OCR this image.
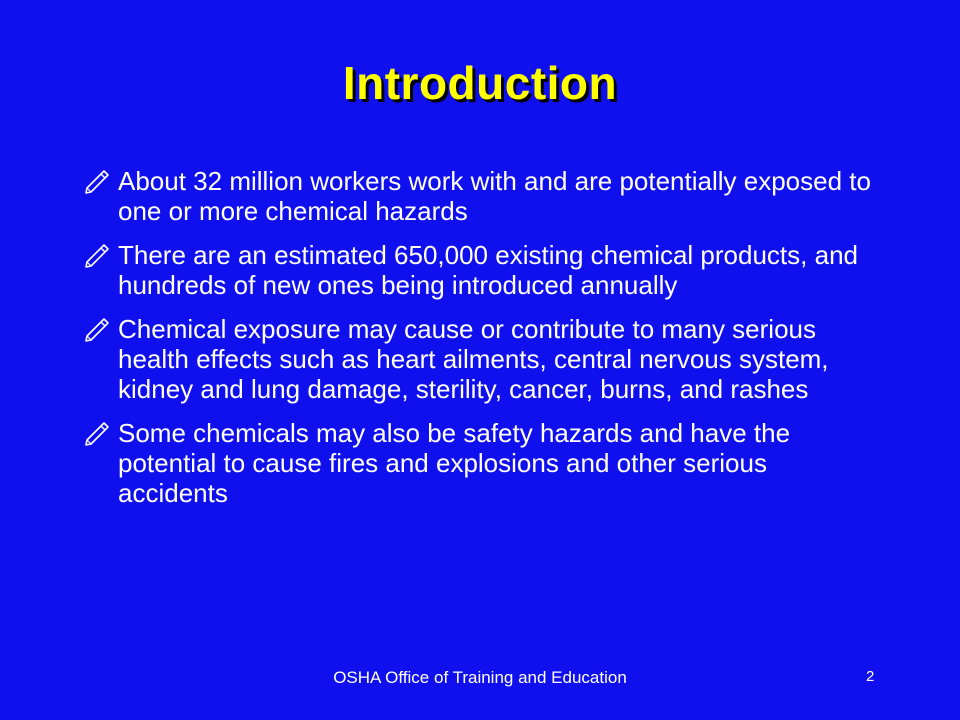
Introduction
About 32 million workers work with and are potentially exposed to one or more chemical hazards
There are an estimated 650,000 existing chemical products, and hundreds of new ones being introduced annually
Chemical exposure may cause or contribute to many serious health effects such as heart ailments, central nervous system, kidney and lung damage, sterility, cancer, burns, and rashes
Some chemicals may also be safety hazards and have the potential to cause fires and explosions and other serious accidents
OSHA Office of Training and Education	2
